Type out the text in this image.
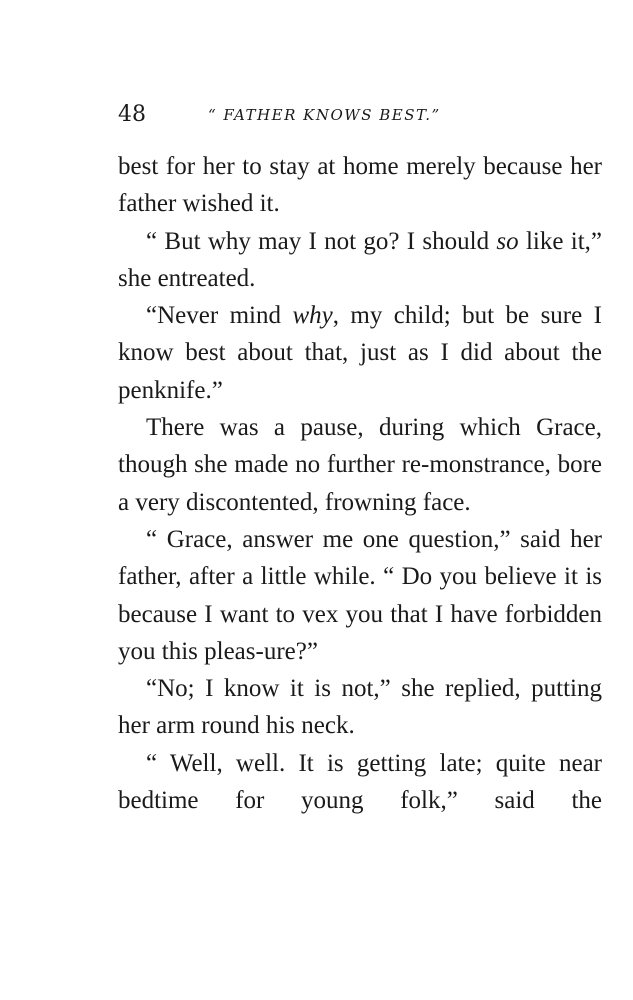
48	“ FATHER KNOWS BEST.”

best for her to stay at home merely because her father wished it.

“ But why may I not go? I should so like it,” she entreated.

“Never mind why, my child; but be sure I know best about that, just as I did about the penknife.”

There was a pause, during which Grace, though she made no further re-monstrance, bore a very discontented, frowning face.

“ Grace, answer me one question,” said her father, after a little while. “ Do you believe it is because I want to vex you that I have forbidden you this pleas-ure?”

“No; I know it is not,” she replied, putting her arm round his neck.

“ Well, well. It is getting late; quite near bedtime for young folk,” said the
